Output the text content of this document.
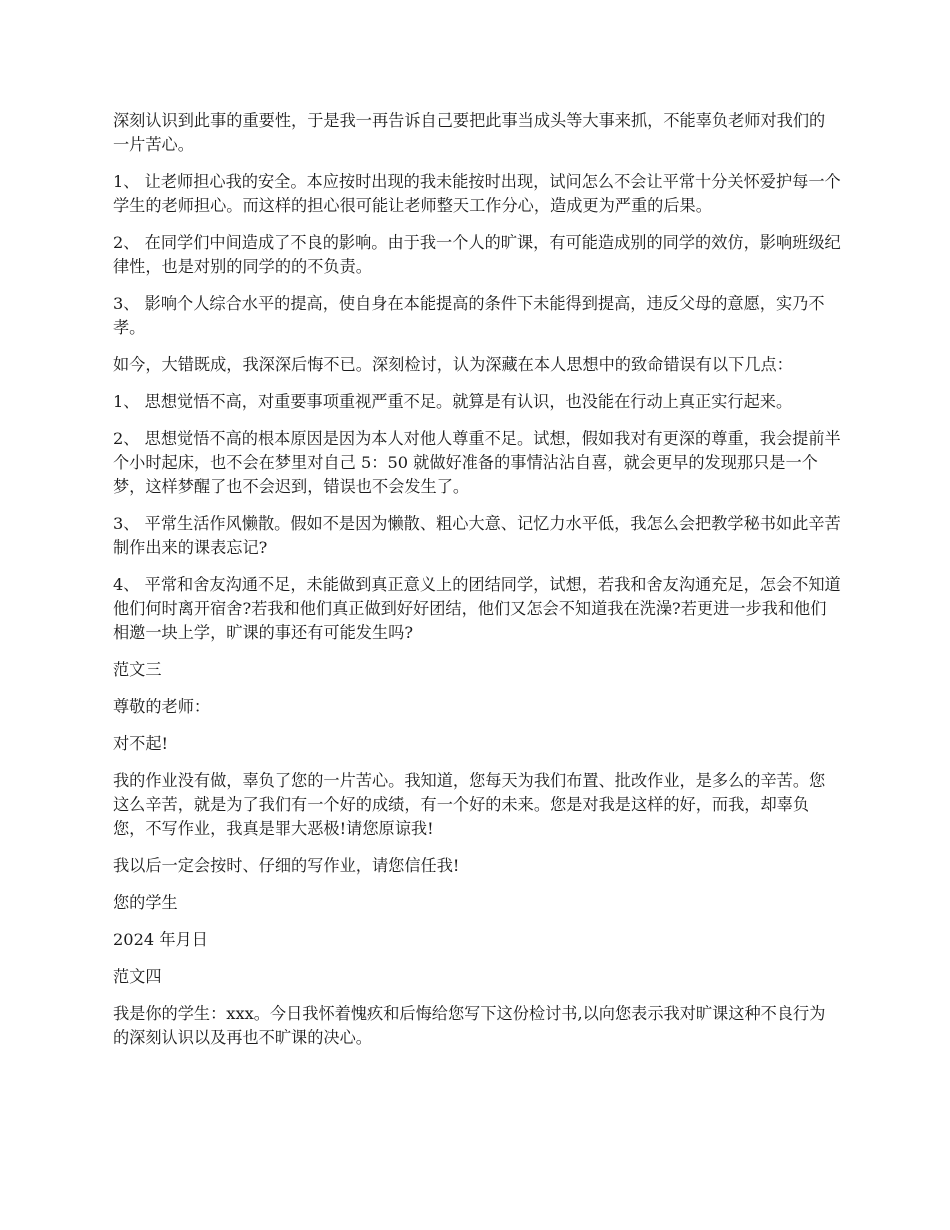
深刻认识到此事的重要性，于是我一再告诉自己要把此事当成头等大事来抓，不能辜负老师对我们的一片苦心。

1、 让老师担心我的安全。本应按时出现的我未能按时出现，试问怎么不会让平常十分关怀爱护每一个学生的老师担心。而这样的担心很可能让老师整天工作分心，造成更为严重的后果。

2、 在同学们中间造成了不良的影响。由于我一个人的旷课，有可能造成别的同学的效仿，影响班级纪律性，也是对别的同学的的不负责。

3、 影响个人综合水平的提高，使自身在本能提高的条件下未能得到提高，违反父母的意愿，实乃不孝。

如今，大错既成，我深深后悔不已。深刻检讨，认为深藏在本人思想中的致命错误有以下几点：

1、 思想觉悟不高，对重要事项重视严重不足。就算是有认识，也没能在行动上真正实行起来。

2、 思想觉悟不高的根本原因是因为本人对他人尊重不足。试想，假如我对有更深的尊重，我会提前半个小时起床，也不会在梦里对自己 5：50 就做好准备的事情沾沾自喜，就会更早的发现那只是一个梦，这样梦醒了也不会迟到，错误也不会发生了。

3、 平常生活作风懒散。假如不是因为懒散、粗心大意、记忆力水平低，我怎么会把教学秘书如此辛苦制作出来的课表忘记?

4、 平常和舍友沟通不足，未能做到真正意义上的团结同学，试想，若我和舍友沟通充足，怎会不知道他们何时离开宿舍?若我和他们真正做到好好团结，他们又怎会不知道我在洗澡?若更进一步我和他们相邀一块上学，旷课的事还有可能发生吗?

范文三

尊敬的老师：

对不起!

我的作业没有做，辜负了您的一片苦心。我知道，您每天为我们布置、批改作业，是多么的辛苦。您这么辛苦，就是为了我们有一个好的成绩，有一个好的未来。您是对我是这样的好，而我，却辜负您，不写作业，我真是罪大恶极!请您原谅我!

我以后一定会按时、仔细的写作业，请您信任我!

您的学生

2024 年月日

范文四

我是你的学生：xxx。今日我怀着愧疚和后悔给您写下这份检讨书,以向您表示我对旷课这种不良行为的深刻认识以及再也不旷课的决心。
